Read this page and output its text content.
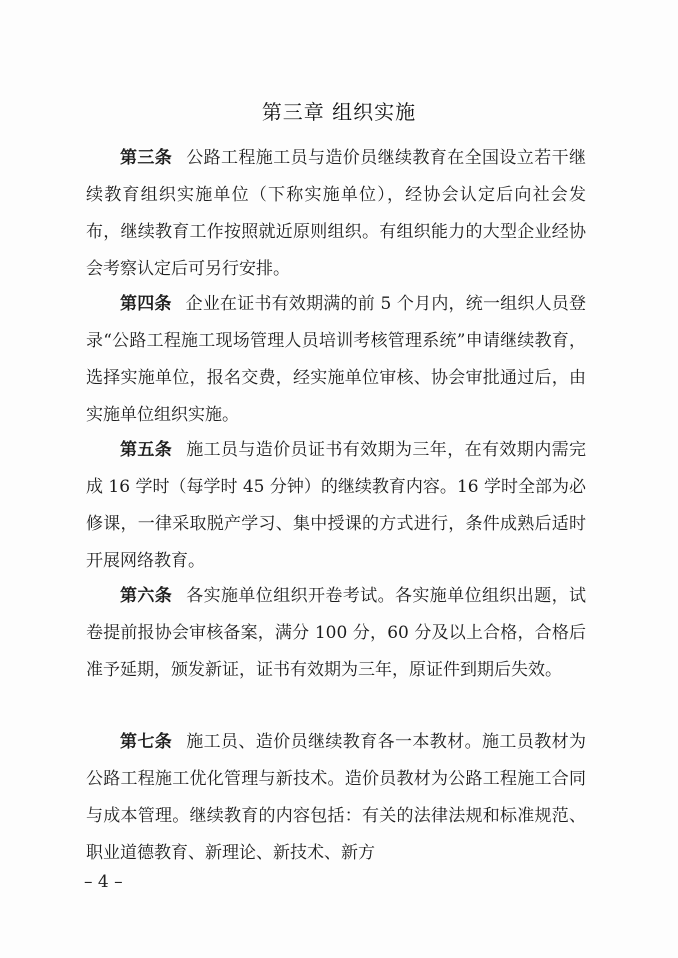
第三章 组织实施

第三条 公路工程施工员与造价员继续教育在全国设立若干继续教育组织实施单位（下称实施单位），经协会认定后向社会发布，继续教育工作按照就近原则组织。有组织能力的大型企业经协会考察认定后可另行安排。

第四条 企业在证书有效期满的前 5 个月内，统一组织人员登录“公路工程施工现场管理人员培训考核管理系统”申请继续教育，选择实施单位，报名交费，经实施单位审核、协会审批通过后，由实施单位组织实施。

第五条 施工员与造价员证书有效期为三年，在有效期内需完成 16 学时（每学时 45 分钟）的继续教育内容。16 学时全部为必修课，一律采取脱产学习、集中授课的方式进行，条件成熟后适时开展网络教育。

第六条 各实施单位组织开卷考试。各实施单位组织出题，试卷提前报协会审核备案，满分 100 分，60 分及以上合格，合格后准予延期，颁发新证，证书有效期为三年，原证件到期后失效。

第七条 施工员、造价员继续教育各一本教材。施工员教材为公路工程施工优化管理与新技术。造价员教材为公路工程施工合同与成本管理。继续教育的内容包括：有关的法律法规和标准规范、职业道德教育、新理论、新技术、新方

– 4 –
